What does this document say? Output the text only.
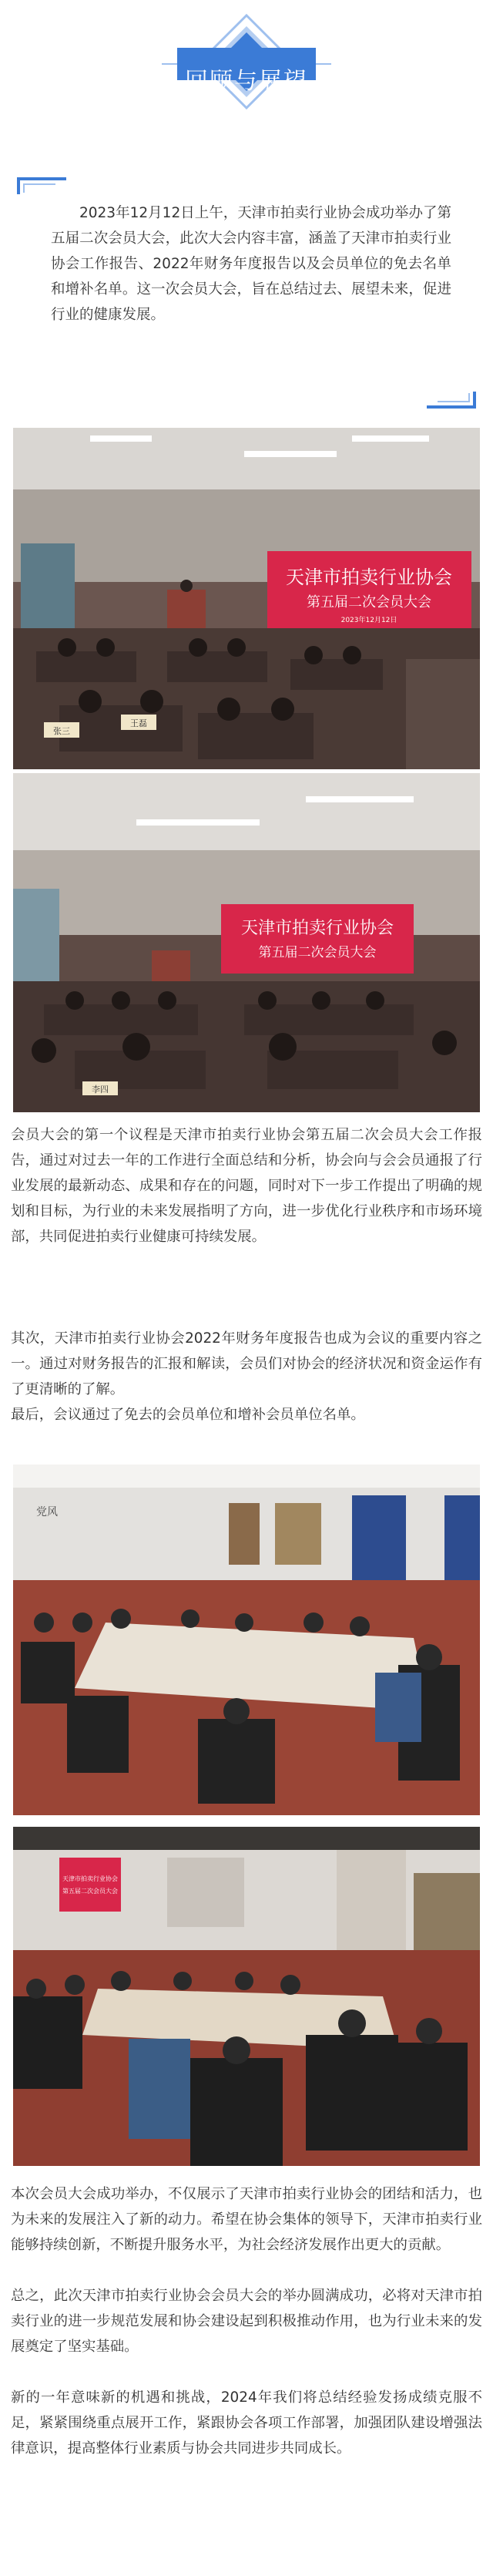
回顾与展望
2023年12月12日上午，天津市拍卖行业协会成功举办了第五届二次会员大会，此次大会内容丰富，涵盖了天津市拍卖行业协会工作报告、2022年财务年度报告以及会员单位的免去名单和增补名单。这一次会员大会，旨在总结过去、展望未来，促进行业的健康发展。
天津市拍卖行业协会
第五届二次会员大会
2023年12月12日
张三
王磊
天津市拍卖行业协会
第五届二次会员大会
李四
会员大会的第一个议程是天津市拍卖行业协会第五届二次会员大会工作报告，通过对过去一年的工作进行全面总结和分析，协会向与会会员通报了行业发展的最新动态、成果和存在的问题，同时对下一步工作提出了明确的规划和目标，为行业的未来发展指明了方向，进一步优化行业秩序和市场环境部，共同促进拍卖行业健康可持续发展。
其次，天津市拍卖行业协会2022年财务年度报告也成为会议的重要内容之一。通过对财务报告的汇报和解读，会员们对协会的经济状况和资金运作有了更清晰的了解。
最后，会议通过了免去的会员单位和增补会员单位名单。
党风
天津市拍卖行业协会
第五届二次会员大会
本次会员大会成功举办，不仅展示了天津市拍卖行业协会的团结和活力，也为未来的发展注入了新的动力。希望在协会集体的领导下，天津市拍卖行业能够持续创新，不断提升服务水平，为社会经济发展作出更大的贡献。
总之，此次天津市拍卖行业协会会员大会的举办圆满成功，必将对天津市拍卖行业的进一步规范发展和协会建设起到积极推动作用，也为行业未来的发展奠定了坚实基础。
新的一年意味新的机遇和挑战，2024年我们将总结经验发扬成绩克服不足，紧紧围绕重点展开工作，紧跟协会各项工作部署，加强团队建设增强法律意识，提高整体行业素质与协会共同进步共同成长。
